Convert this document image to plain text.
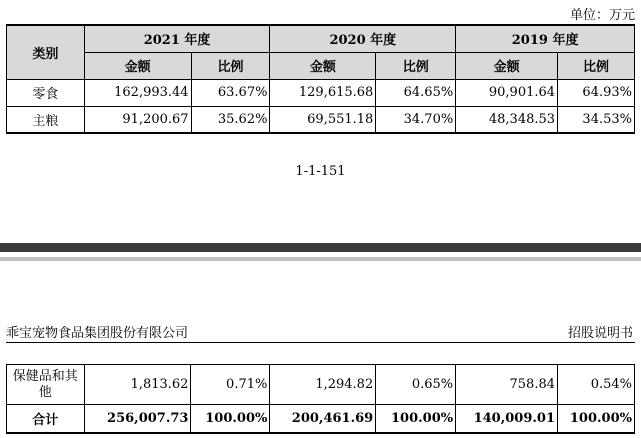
单位：万元
类别	2021 年度		2020 年度		2019 年度	
	金额	比例	金额	比例	金额	比例
零食	162,993.44	63.67%	129,615.68	64.65%	90,901.64	64.93%
主粮	91,200.67	35.62%	69,551.18	34.70%	48,348.53	34.53%
1-1-151
乖宝宠物食品集团股份有限公司	招股说明书
保健品和其他	1,813.62	0.71%	1,294.82	0.65%	758.84	0.54%
合计	256,007.73	100.00%	200,461.69	100.00%	140,009.01	100.00%
